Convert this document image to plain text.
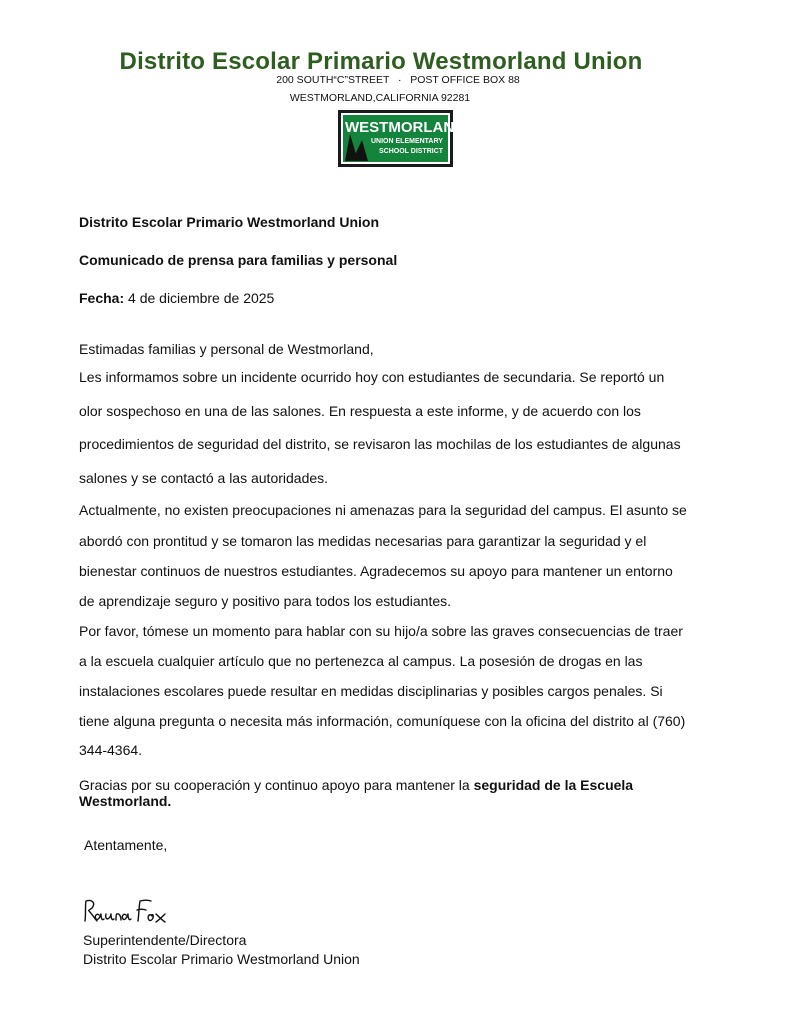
Distrito Escolar Primario Westmorland Union
200 SOUTH“C”STREET   ·   POST OFFICE BOX 88
WESTMORLAND,CALIFORNIA 92281
WESTMORLAND
UNION ELEMENTARY
SCHOOL DISTRICT
Distrito Escolar Primario Westmorland Union
Comunicado de prensa para familias y personal
Fecha: 4 de diciembre de 2025
Estimadas familias y personal de Westmorland,
Les informamos sobre un incidente ocurrido hoy con estudiantes de secundaria. Se reportó un
olor sospechoso en una de las salones. En respuesta a este informe, y de acuerdo con los
procedimientos de seguridad del distrito, se revisaron las mochilas de los estudiantes de algunas
salones y se contactó a las autoridades.
Actualmente, no existen preocupaciones ni amenazas para la seguridad del campus. El asunto se
abordó con prontitud y se tomaron las medidas necesarias para garantizar la seguridad y el
bienestar continuos de nuestros estudiantes. Agradecemos su apoyo para mantener un entorno
de aprendizaje seguro y positivo para todos los estudiantes.
Por favor, tómese un momento para hablar con su hijo/a sobre las graves consecuencias de traer
a la escuela cualquier artículo que no pertenezca al campus. La posesión de drogas en las
instalaciones escolares puede resultar en medidas disciplinarias y posibles cargos penales. Si
tiene alguna pregunta o necesita más información, comuníquese con la oficina del distrito al (760)
344-4364.
Gracias por su cooperación y continuo apoyo para mantener la seguridad de la Escuela
Westmorland.
Atentamente,
Superintendente/Directora
Distrito Escolar Primario Westmorland Union
